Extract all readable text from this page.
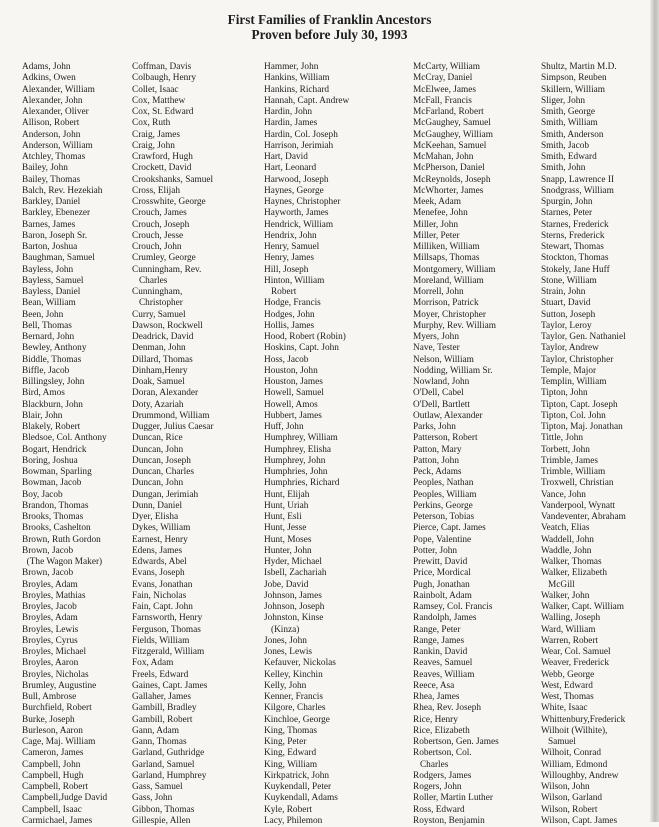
First Families of Franklin Ancestors
Proven before July 30, 1993
Adams, John
Adkins, Owen
Alexander, William
Alexander, John
Alexander, Oliver
Allison, Robert
Anderson, John
Anderson, William
Atchley, Thomas
Bailey, John
Bailey, Thomas
Balch, Rev. Hezekiah
Barkley, Daniel
Barkley, Ebenezer
Barnes, James
Baron, Joseph Sr.
Barton, Joshua
Baughman, Samuel
Bayless, John
Bayless, Samuel
Bayless, Daniel
Bean, William
Been, John
Bell, Thomas
Bernard, John
Bewley, Anthony
Biddle, Thomas
Biffle, Jacob
Billingsley, John
Bird, Amos
Blackburn, John
Blair, John
Blakely, Robert
Bledsoe, Col. Anthony
Bogart, Hendrick
Boring, Joshua
Bowman, Sparling
Bowman, Jacob
Boy, Jacob
Brandon, Thomas
Brooks, Thomas
Brooks, Cashelton
Brown, Ruth Gordon
Brown, Jacob
(The Wagon Maker)
Brown, Jacob
Broyles, Adam
Broyles, Mathias
Broyles, Jacob
Broyles, Adam
Broyles, Lewis
Broyles, Cyrus
Broyles, Michael
Broyles, Aaron
Broyles, Nicholas
Brumley, Augustine
Bull, Ambrose
Burchfield, Robert
Burke, Joseph
Burleson, Aaron
Cage, Maj. William
Cameron, James
Campbell, John
Campbell, Hugh
Campbell, Robert
Campbell,Judge David
Campbell, Isaac
Carmichael, James
Coffman, Davis
Colbaugh, Henry
Collet, Isaac
Cox, Matthew
Cox, St. Edward
Cox, Ruth
Craig, James
Craig, John
Crawford, Hugh
Crockett, David
Crookshanks, Samuel
Cross, Elijah
Crosswhite, George
Crouch, James
Crouch, Joseph
Crouch, Jesse
Crouch, John
Crumley, George
Cunningham, Rev.
Charles
Cunningham,
Christopher
Curry, Samuel
Dawson, Rockwell
Deadrick, David
Denman, John
Dillard, Thomas
Dinham,Henry
Doak, Samuel
Doran, Alexander
Doty, Azariah
Drummond, William
Dugger, Julius Caesar
Duncan, Rice
Duncan, John
Duncan, Joseph
Duncan, Charles
Duncan, John
Dungan, Jerimiah
Dunn, Daniel
Dyer, Elisha
Dykes, William
Earnest, Henry
Edens, James
Edwards, Abel
Evans, Joseph
Evans, Jonathan
Fain, Nicholas
Fain, Capt. John
Farnsworth, Henry
Ferguson, Thomas
Fields, William
Fitzgerald, William
Fox, Adam
Freels, Edward
Gaines, Capt. James
Gallaher, James
Gambill, Bradley
Gambill, Robert
Gann, Adam
Gann, Thomas
Garland, Guthridge
Garland, Samuel
Garland, Humphrey
Gass, Samuel
Gass, John
Gibbon, Thomas
Gillespie, Allen
Hammer, John
Hankins, William
Hankins, Richard
Hannah, Capt. Andrew
Hardin, John
Hardin, James
Hardin, Col. Joseph
Harrison, Jerimiah
Hart, David
Hart, Leonard
Harwood, Joseph
Haynes, George
Haynes, Christopher
Hayworth, James
Hendrick, William
Hendrix, John
Henry, Samuel
Henry, James
Hill, Joseph
Hinton, William
Robert
Hodge, Francis
Hodges, John
Hollis, James
Hood, Robert (Robin)
Hoskins, Capt. John
Hoss, Jacob
Houston, John
Houston, James
Howell, Samuel
Howell, Amos
Hubbert, James
Huff, John
Humphrey, William
Humphrey, Elisha
Humphrey, John
Humphries, John
Humphries, Richard
Hunt, Elijah
Hunt, Uriah
Hunt, Esli
Hunt, Jesse
Hunt, Moses
Hunter, John
Hyder, Michael
Isbell, Zachariah
Jobe, David
Johnson, James
Johnson, Joseph
Johnston, Kinse
(Kinza)
Jones, John
Jones, Lewis
Kefauver, Nickolas
Kelley, Kinchin
Kelly, John
Kenner, Francis
Kilgore, Charles
Kinchloe, George
King, Thomas
King, Peter
King, Edward
King, William
Kirkpatrick, John
Kuykendall, Peter
Kuykendall, Adams
Kyle, Robert
Lacy, Philemon
McCarty, William
McCray, Daniel
McElwee, James
McFall, Francis
McFarland, Robert
McGaughey, Samuel
McGaughey, William
McKeehan, Samuel
McMahan, John
McPherson, Daniel
McReynolds, Joseph
McWhorter, James
Meek, Adam
Menefee, John
Miller, John
Miller, Peter
Milliken, William
Millsaps, Thomas
Montgomery, William
Moreland, William
Morrell, John
Morrison, Patrick
Moyer, Christopher
Murphy, Rev. William
Myers, John
Nave, Tester
Nelson, William
Nodding, William Sr.
Nowland, John
O'Dell, Cabel
O'Dell, Bartlett
Outlaw, Alexander
Parks, John
Patterson, Robert
Patton, Mary
Patton, John
Peck, Adams
Peoples, Nathan
Peoples, William
Perkins, George
Peterson, Tobias
Pierce, Capt. James
Pope, Valentine
Potter, John
Prewitt, David
Price, Mordical
Pugh, Jonathan
Rainbolt, Adam
Ramsey, Col. Francis
Randolph, James
Range, Peter
Range, James
Rankin, David
Reaves, Samuel
Reaves, William
Reece, Asa
Rhea, James
Rhea, Rev. Joseph
Rice, Henry
Rice, Elizabeth
Robertson, Gen. James
Robertson, Col.
Charles
Rodgers, James
Rogers, John
Roller, Martin Luther
Ross, Edward
Royston, Benjamin
Shultz, Martin M.D.
Simpson, Reuben
Skillern, William
Sliger, John
Smith, George
Smith, William
Smith, Anderson
Smith, Jacob
Smith, Edward
Smith, John
Snapp, Lawrence II
Snodgrass, William
Spurgin, John
Starnes, Peter
Starnes, Frederick
Sterns, Frederick
Stewart, Thomas
Stockton, Thomas
Stokely, Jane Huff
Stone, William
Strain, John
Stuart, David
Sutton, Joseph
Taylor, Leroy
Taylor, Gen. Nathaniel
Taylor, Andrew
Taylor, Christopher
Temple, Major
Templin, William
Tipton, John
Tipton, Capt. Joseph
Tipton, Col. John
Tipton, Maj. Jonathan
Tittle, John
Torbett, John
Trimble, James
Trimble, William
Troxwell, Christian
Vance, John
Vanderpool, Wynatt
Vandeventer, Abraham
Veatch, Elias
Waddell, John
Waddle, John
Walker, Thomas
Walker, Elizabeth
McGill
Walker, John
Walker, Capt. William
Walling, Joseph
Ward, William
Warren, Robert
Wear, Col. Samuel
Weaver, Frederick
Webb, George
West, Edward
West, Thomas
White, Isaac
Whittenbury,Frederick
Wilhoit (Wilhite),
Samuel
Wilhoit, Conrad
William, Edmond
Willoughby, Andrew
Wilson, John
Wilson, Garland
Wilson, Robert
Wilson, Capt. James
